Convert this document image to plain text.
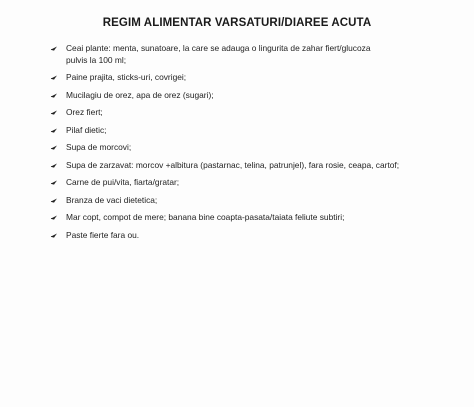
REGIM ALIMENTAR VARSATURI/DIAREE ACUTA
Ceai plante: menta, sunatoare, la care se adauga o lingurita de zahar fiert/glucoza pulvis la 100 ml;
Paine prajita, sticks-uri, covrigei;
Mucilagiu de orez, apa de orez (sugari);
Orez fiert;
Pilaf dietic;
Supa de morcovi;
Supa de zarzavat: morcov +albitura (pastarnac, telina, patrunjel), fara rosie, ceapa, cartof;
Carne de pui/vita, fiarta/gratar;
Branza de vaci dietetica;
Mar copt, compot de mere; banana bine coapta-pasata/taiata feliute subtiri;
Paste fierte fara ou.
